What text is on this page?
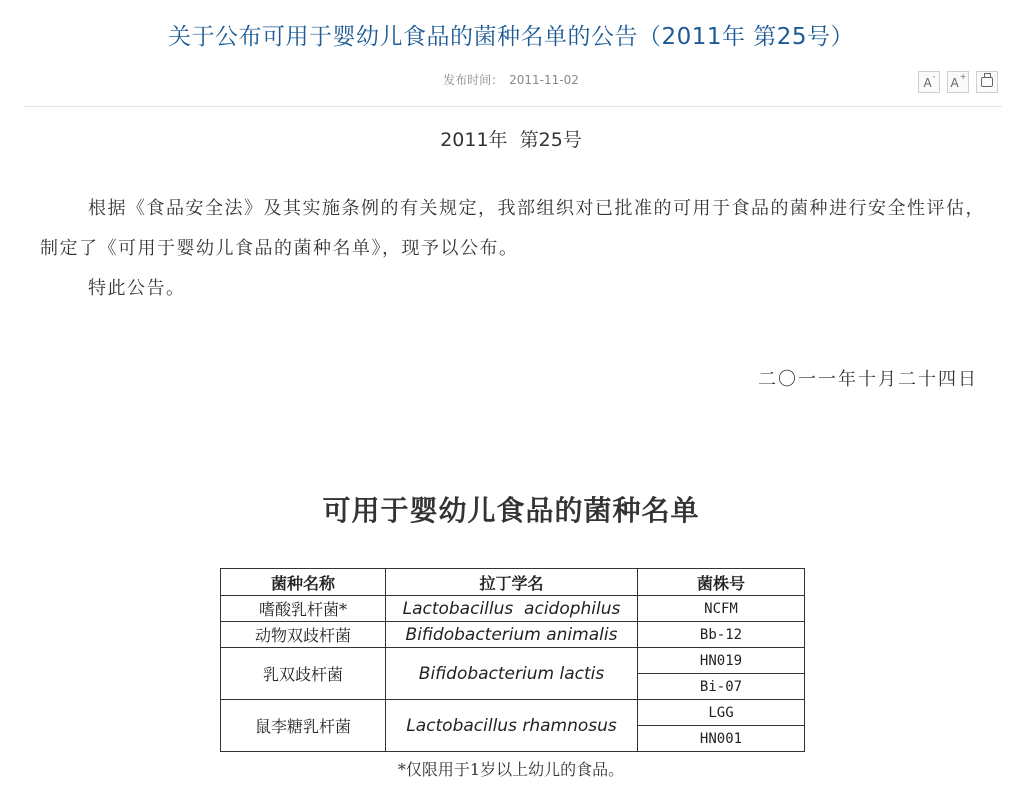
关于公布可用于婴幼儿食品的菌种名单的公告（2011年 第25号）
发布时间： 2011-11-02	A- A+
2011年  第25号

根据《食品安全法》及其实施条例的有关规定，我部组织对已批准的可用于食品的菌种进行安全性评估，制定了《可用于婴幼儿食品的菌种名单》，现予以公布。

特此公告。

二〇一一年十月二十四日
可用于婴幼儿食品的菌种名单
菌种名称	拉丁学名	菌株号
嗜酸乳杆菌*	Lactobacillus  acidophilus	NCFM
动物双歧杆菌	Bifidobacterium animalis	Bb-12
乳双歧杆菌	Bifidobacterium lactis	HN019
		Bi-07
鼠李糖乳杆菌	Lactobacillus rhamnosus	LGG
		HN001
*仅限用于1岁以上幼儿的食品。
